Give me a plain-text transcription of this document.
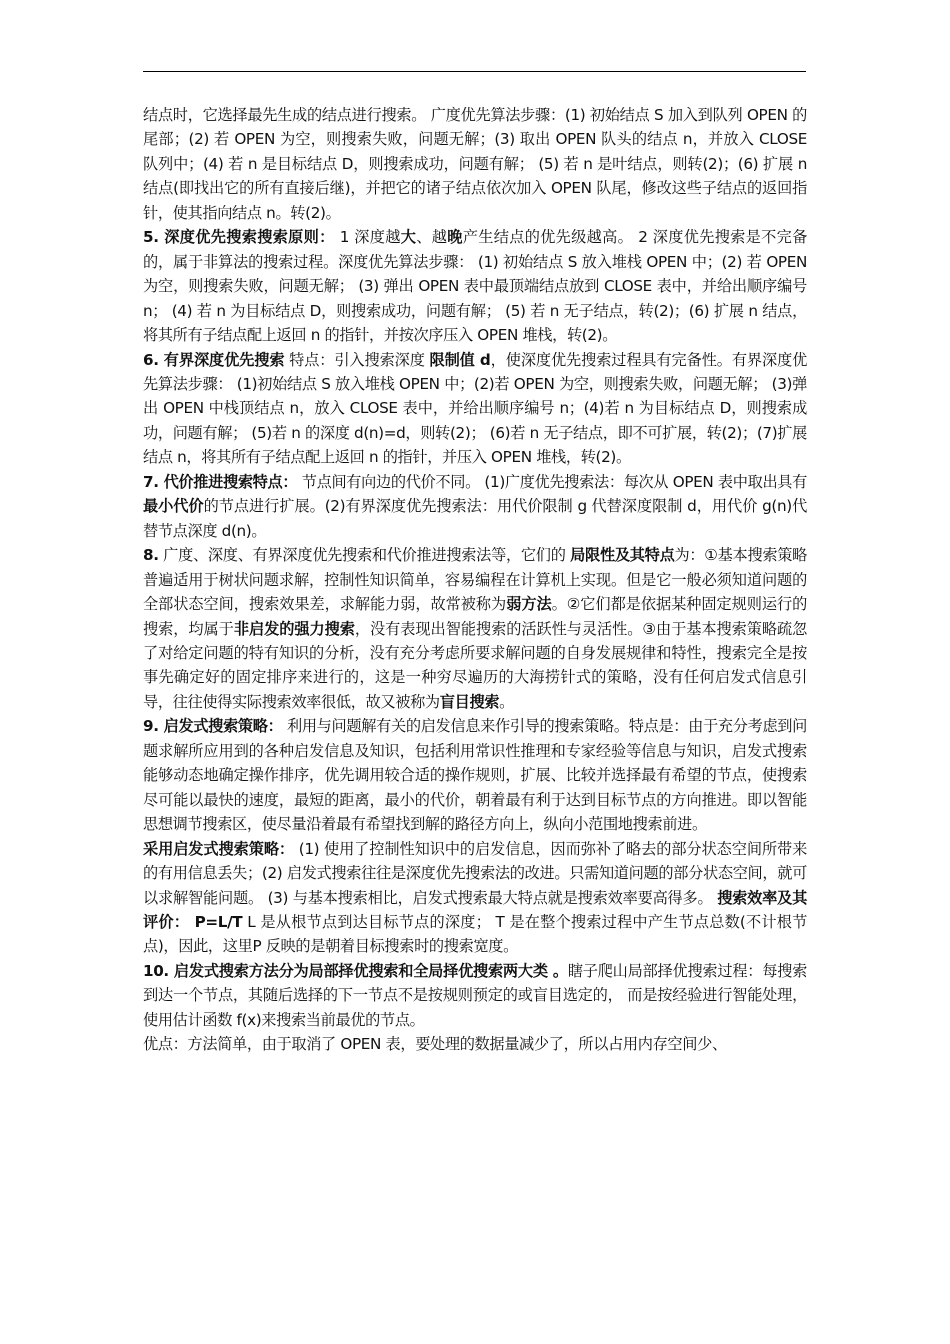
结点时，它选择最先生成的结点进行搜索。 广度优先算法步骤：(1) 初始结点 S 加入到队列 OPEN 的尾部；(2) 若 OPEN 为空，则搜索失败，问题无解；(3) 取出 OPEN 队头的结点 n，并放入 CLOSE 队列中；(4) 若 n 是目标结点 D，则搜索成功，问题有解； (5) 若 n 是叶结点，则转(2)；(6) 扩展 n 结点(即找出它的所有直接后继)，并把它的诸子结点依次加入 OPEN 队尾，修改这些子结点的返回指针，使其指向结点 n。转(2)。

5. 深度优先搜索搜索原则： 1 深度越大、越晚产生结点的优先级越高。 2 深度优先搜索是不完备的，属于非算法的搜索过程。深度优先算法步骤： (1) 初始结点 S 放入堆栈 OPEN 中；(2) 若 OPEN 为空，则搜索失败，问题无解； (3) 弹出 OPEN 表中最顶端结点放到 CLOSE 表中，并给出顺序编号 n； (4) 若 n 为目标结点 D，则搜索成功，问题有解； (5) 若 n 无子结点，转(2)；(6) 扩展 n 结点，将其所有子结点配上返回 n 的指针，并按次序压入 OPEN 堆栈，转(2)。

6. 有界深度优先搜索 特点：引入搜索深度 限制值 d，使深度优先搜索过程具有完备性。有界深度优先算法步骤： (1)初始结点 S 放入堆栈 OPEN 中；(2)若 OPEN 为空，则搜索失败，问题无解； (3)弹出 OPEN 中栈顶结点 n，放入 CLOSE 表中，并给出顺序编号 n；(4)若 n 为目标结点 D，则搜索成功，问题有解； (5)若 n 的深度 d(n)=d，则转(2)； (6)若 n 无子结点，即不可扩展，转(2)；(7)扩展结点 n，将其所有子结点配上返回 n 的指针，并压入 OPEN 堆栈，转(2)。

7. 代价推进搜索特点： 节点间有向边的代价不同。 (1)广度优先搜索法：每次从 OPEN 表中取出具有最小代价的节点进行扩展。(2)有界深度优先搜索法：用代价限制 g 代替深度限制 d，用代价 g(n)代替节点深度 d(n)。

8. 广度、深度、有界深度优先搜索和代价推进搜索法等，它们的 局限性及其特点为：①基本搜索策略普遍适用于树状问题求解，控制性知识简单，容易编程在计算机上实现。但是它一般必须知道问题的全部状态空间，搜索效果差，求解能力弱，故常被称为弱方法。②它们都是依据某种固定规则运行的搜索，均属于非启发的强力搜索，没有表现出智能搜索的活跃性与灵活性。③由于基本搜索策略疏忽了对给定问题的特有知识的分析，没有充分考虑所要求解问题的自身发展规律和特性，搜索完全是按事先确定好的固定排序来进行的，这是一种穷尽遍历的大海捞针式的策略，没有任何启发式信息引导，往往使得实际搜索效率很低，故又被称为盲目搜索。

9. 启发式搜索策略： 利用与问题解有关的启发信息来作引导的搜索策略。特点是：由于充分考虑到问题求解所应用到的各种启发信息及知识，包括利用常识性推理和专家经验等信息与知识，启发式搜索能够动态地确定操作排序，优先调用较合适的操作规则，扩展、比较并选择最有希望的节点，使搜索尽可能以最快的速度，最短的距离，最小的代价，朝着最有利于达到目标节点的方向推进。即以智能思想调节搜索区，使尽量沿着最有希望找到解的路径方向上，纵向小范围地搜索前进。

采用启发式搜索策略： (1) 使用了控制性知识中的启发信息，因而弥补了略去的部分状态空间所带来的有用信息丢失；(2) 启发式搜索往往是深度优先搜索法的改进。只需知道问题的部分状态空间，就可以求解智能问题。 (3) 与基本搜索相比，启发式搜索最大特点就是搜索效率要高得多。 搜索效率及其评价： P=L/T L 是从根节点到达目标节点的深度； T 是在整个搜索过程中产生节点总数(不计根节点)，因此，这里P 反映的是朝着目标搜索时的搜索宽度。

10. 启发式搜索方法分为局部择优搜索和全局择优搜索两大类 。瞎子爬山局部择优搜索过程：每搜索到达一个节点，其随后选择的下一节点不是按规则预定的或盲目选定的， 而是按经验进行智能处理，使用估计函数 f(x)来搜索当前最优的节点。

优点：方法简单，由于取消了 OPEN 表，要处理的数据量减少了，所以占用内存空间少、
